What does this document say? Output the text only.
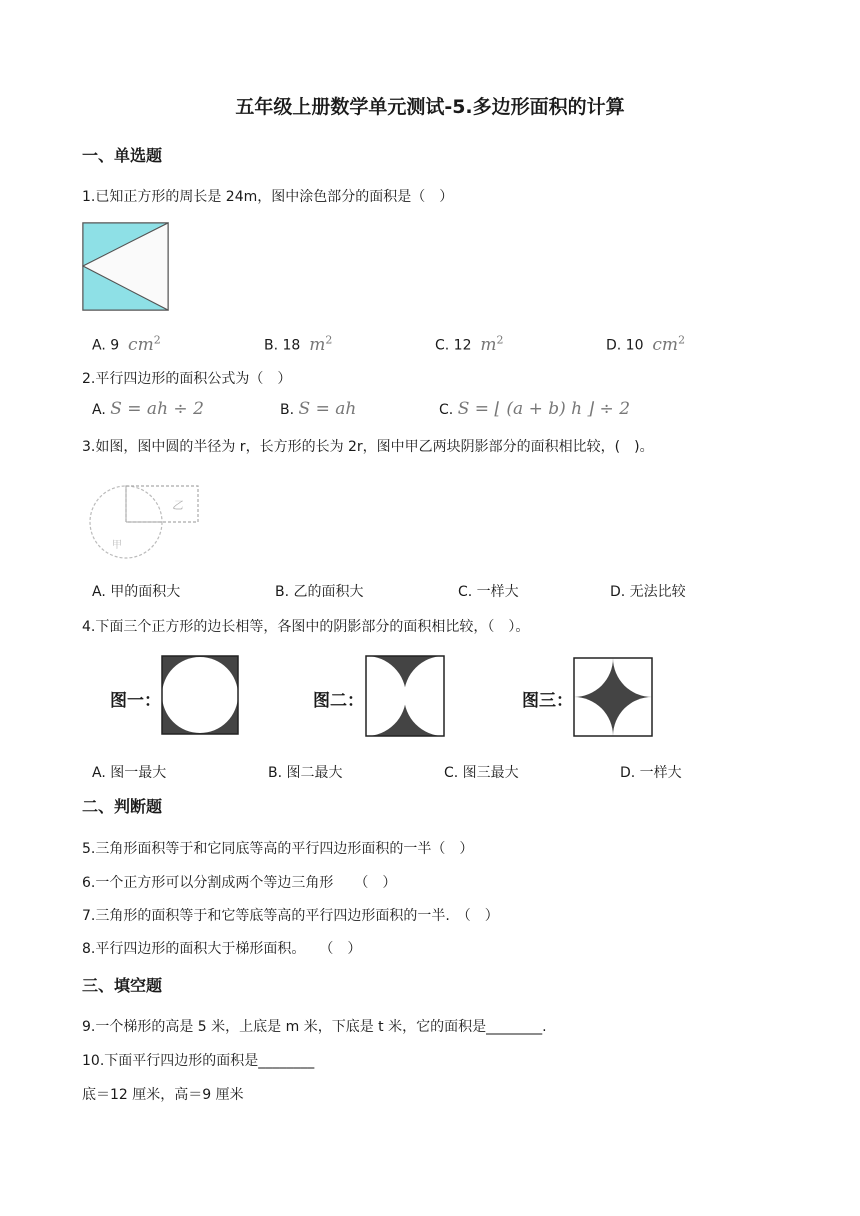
五年级上册数学单元测试-5.多边形面积的计算
一、单选题
1.已知正方形的周长是 24m，图中涂色部分的面积是（　）
A. 9 $cm^2$	B. 18 $m^2$	C. 12 $m^2$	D. 10 $cm^2$
2.平行四边形的面积公式为（　）
A. S = ah ÷ 2	B. S = ah	C. S = ⌊ (a + b) h ⌋ ÷ 2
3.如图，图中圆的半径为 r，长方形的长为 2r，图中甲乙两块阴影部分的面积相比较，(　)。
乙
甲
A. 甲的面积大	B. 乙的面积大	C. 一样大	D. 无法比较
4.下面三个正方形的边长相等，各图中的阴影部分的面积相比较，（　）。
图一：	图二：	图三：
A. 图一最大	B. 图二最大	C. 图三最大	D. 一样大
二、判断题
5.三角形面积等于和它同底等高的平行四边形面积的一半（　）
6.一个正方形可以分割成两个等边三角形　　（　）
7.三角形的面积等于和它等底等高的平行四边形面积的一半.　（　）
8.平行四边形的面积大于梯形面积。　　（　）
三、填空题
9.一个梯形的高是 5 米，上底是 m 米，下底是 t 米，它的面积是________.
10.下面平行四边形的面积是________
底＝12 厘米，高＝9 厘米
